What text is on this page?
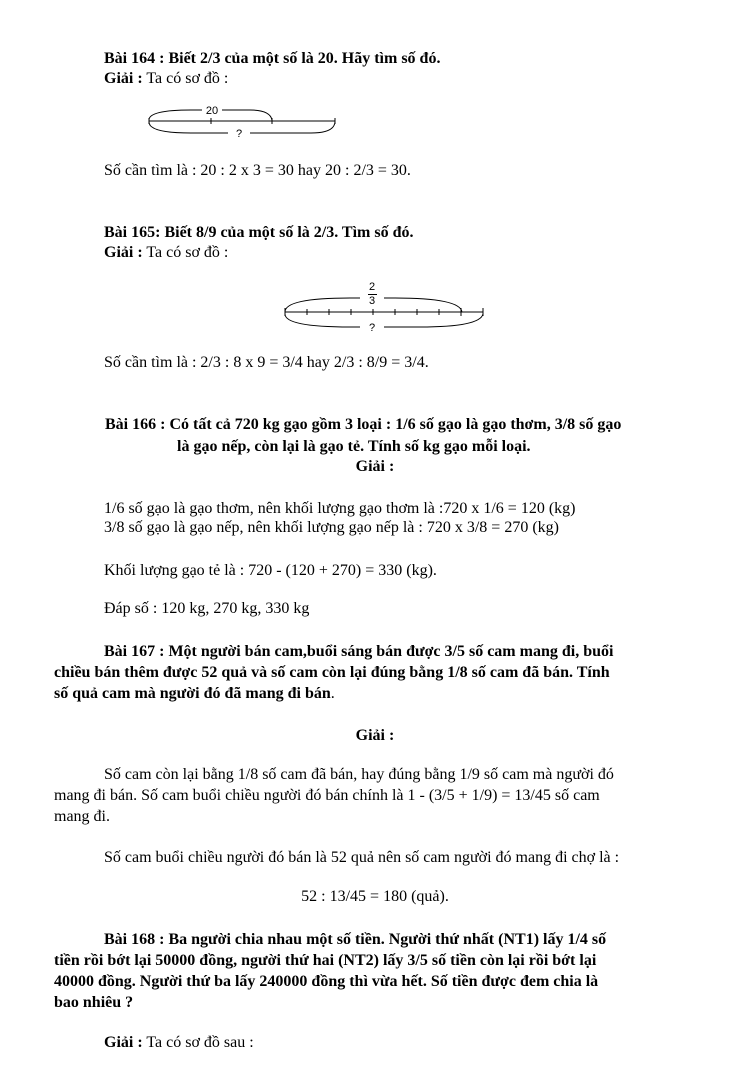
Bài 164 : Biết 2/3 của một số là 20. Hãy tìm số đó.
Giải : Ta có sơ đồ :
20
?
Số cần tìm là : 20 : 2 x 3 = 30 hay 20 : 2/3 = 30.
Bài 165: Biết 8/9 của một số là 2/3. Tìm số đó.
Giải : Ta có sơ đồ :
?
2
3
Số cần tìm là : 2/3 : 8 x 9 = 3/4 hay 2/3 : 8/9 = 3/4.
Bài 166 : Có tất cả 720 kg gạo gồm 3 loại : 1/6 số gạo là gạo thơm, 3/8 số gạo
là gạo nếp, còn lại là gạo tẻ. Tính số kg gạo mỗi loại.
Giải :
1/6 số gạo là gạo thơm, nên khối lượng gạo thơm là :720 x 1/6 = 120 (kg)
3/8 số gạo là gạo nếp, nên khối lượng gạo nếp là : 720 x 3/8 = 270 (kg)
Khối lượng gạo tẻ là : 720 - (120 + 270) = 330 (kg).
Đáp số : 120 kg, 270 kg, 330 kg
Bài 167 : Một người bán cam,buổi sáng bán được 3/5 số cam mang đi, buổi
chiều bán thêm được 52 quả và số cam còn lại đúng bằng 1/8 số cam đã bán. Tính
số quả cam mà người đó đã mang đi bán.
Giải :
Số cam còn lại bằng 1/8 số cam đã bán, hay đúng bằng 1/9 số cam mà người đó
mang đi bán. Số cam buổi chiều người đó bán chính là 1 - (3/5 + 1/9) = 13/45 số cam
mang đi.
Số cam buổi chiều người đó bán là 52 quả nên số cam người đó mang đi chợ là :
52 : 13/45 = 180 (quả).
Bài 168 : Ba người chia nhau một số tiền. Người thứ nhất (NT1) lấy 1/4 số
tiền rồi bớt lại 50000 đồng, người thứ hai (NT2) lấy 3/5 số tiền còn lại rồi bớt lại
40000 đồng. Người thứ ba lấy 240000 đồng thì vừa hết. Số tiền được đem chia là
bao nhiêu ?
Giải : Ta có sơ đồ sau :
